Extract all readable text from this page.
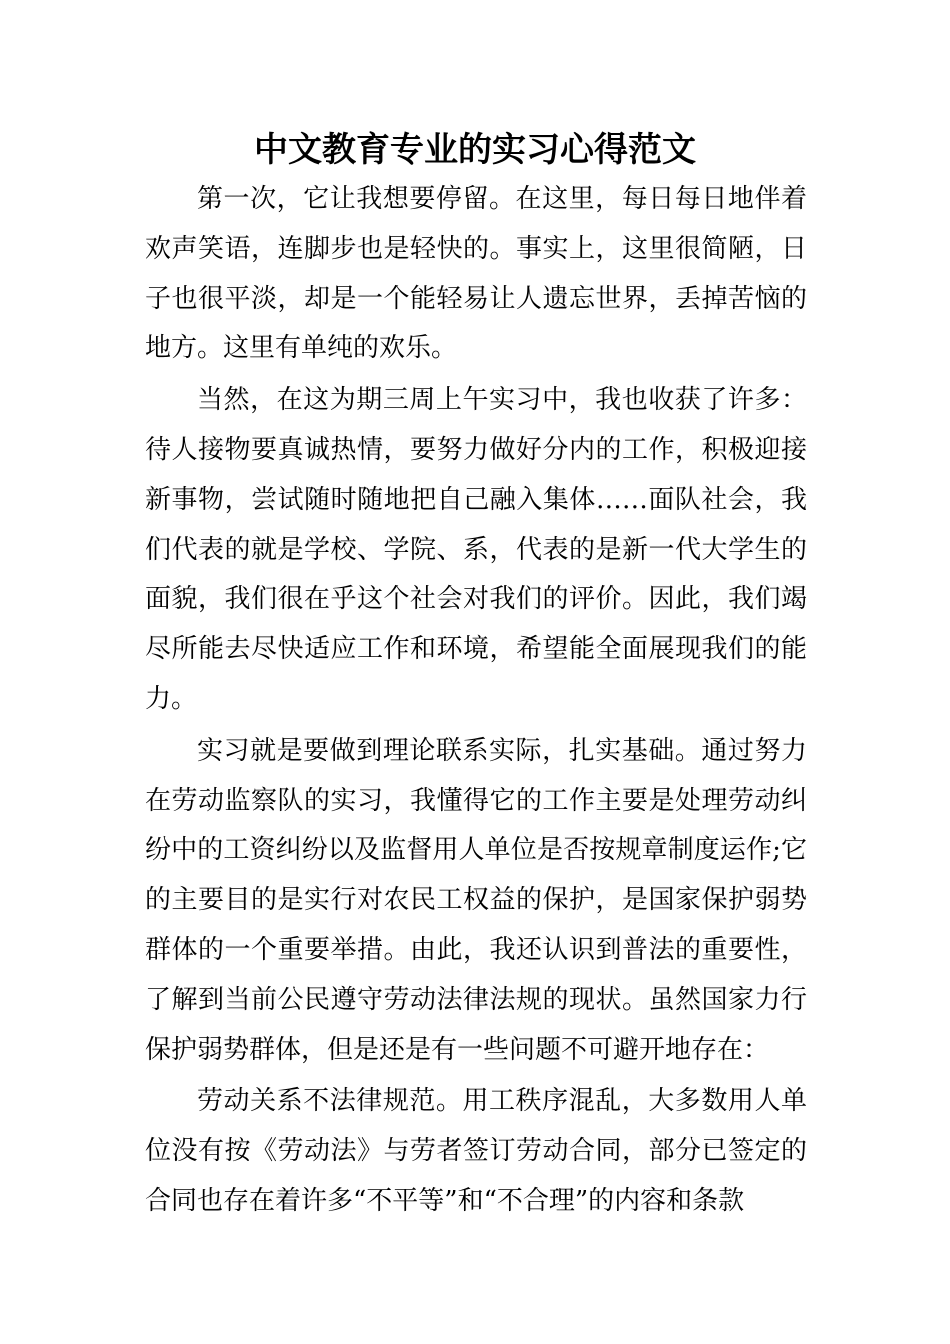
中文教育专业的实习心得范文

第一次，它让我想要停留。在这里，每日每日地伴着欢声笑语，连脚步也是轻快的。事实上，这里很简陋，日子也很平淡，却是一个能轻易让人遗忘世界，丢掉苦恼的地方。这里有单纯的欢乐。

当然，在这为期三周上午实习中，我也收获了许多：待人接物要真诚热情，要努力做好分内的工作，积极迎接新事物，尝试随时随地把自己融入集体……面队社会，我们代表的就是学校、学院、系，代表的是新一代大学生的面貌，我们很在乎这个社会对我们的评价。因此，我们竭尽所能去尽快适应工作和环境，希望能全面展现我们的能力。

实习就是要做到理论联系实际，扎实基础。通过努力在劳动监察队的实习，我懂得它的工作主要是处理劳动纠纷中的工资纠纷以及监督用人单位是否按规章制度运作;它的主要目的是实行对农民工权益的保护，是国家保护弱势群体的一个重要举措。由此，我还认识到普法的重要性，了解到当前公民遵守劳动法律法规的现状。虽然国家力行保护弱势群体，但是还是有一些问题不可避开地存在：

劳动关系不法律规范。用工秩序混乱，大多数用人单位没有按《劳动法》与劳者签订劳动合同，部分已签定的合同也存在着许多“不平等”和“不合理”的内容和条款
